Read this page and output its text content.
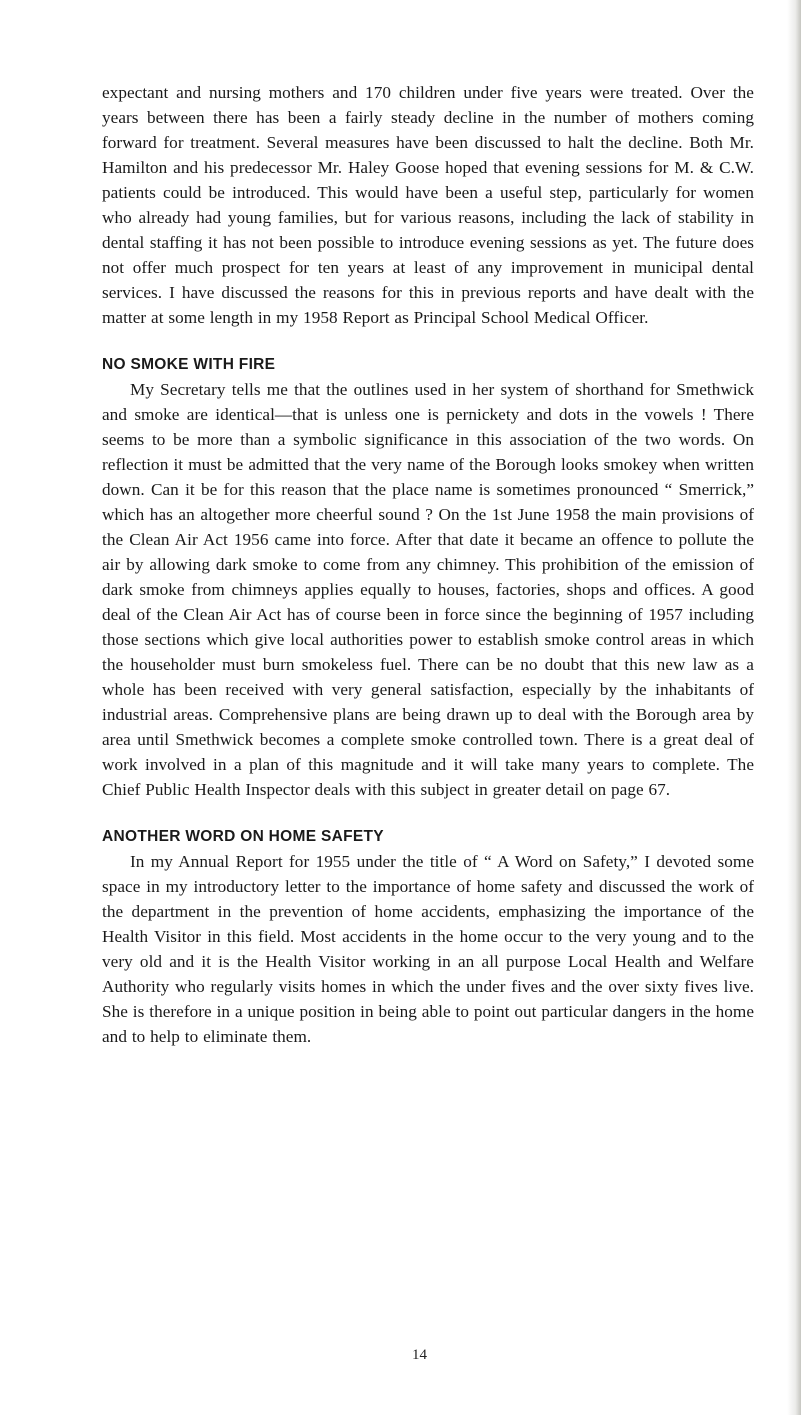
expectant and nursing mothers and 170 children under five years were treated. Over the years between there has been a fairly steady decline in the number of mothers coming forward for treatment. Several measures have been discussed to halt the decline. Both Mr. Hamilton and his predecessor Mr. Haley Goose hoped that evening sessions for M. & C.W. patients could be introduced. This would have been a useful step, particularly for women who already had young families, but for various reasons, including the lack of stability in dental staffing it has not been possible to introduce evening sessions as yet. The future does not offer much prospect for ten years at least of any improvement in municipal dental services. I have discussed the reasons for this in previous reports and have dealt with the matter at some length in my 1958 Report as Principal School Medical Officer.

NO SMOKE WITH FIRE

My Secretary tells me that the outlines used in her system of shorthand for Smethwick and smoke are identical—that is unless one is pernickety and dots in the vowels ! There seems to be more than a symbolic significance in this association of the two words. On reflection it must be admitted that the very name of the Borough looks smokey when written down. Can it be for this reason that the place name is sometimes pronounced “ Smerrick,” which has an altogether more cheerful sound ? On the 1st June 1958 the main provisions of the Clean Air Act 1956 came into force. After that date it became an offence to pollute the air by allowing dark smoke to come from any chimney. This prohibition of the emission of dark smoke from chimneys applies equally to houses, factories, shops and offices. A good deal of the Clean Air Act has of course been in force since the beginning of 1957 including those sections which give local authorities power to establish smoke control areas in which the householder must burn smokeless fuel. There can be no doubt that this new law as a whole has been received with very general satisfaction, especially by the inhabitants of industrial areas. Comprehensive plans are being drawn up to deal with the Borough area by area until Smethwick becomes a complete smoke controlled town. There is a great deal of work involved in a plan of this magnitude and it will take many years to complete. The Chief Public Health Inspector deals with this subject in greater detail on page 67.

ANOTHER WORD ON HOME SAFETY

In my Annual Report for 1955 under the title of “ A Word on Safety,” I devoted some space in my introductory letter to the importance of home safety and discussed the work of the department in the prevention of home accidents, emphasizing the importance of the Health Visitor in this field. Most accidents in the home occur to the very young and to the very old and it is the Health Visitor working in an all purpose Local Health and Welfare Authority who regularly visits homes in which the under fives and the over sixty fives live. She is therefore in a unique position in being able to point out particular dangers in the home and to help to eliminate them.

14
